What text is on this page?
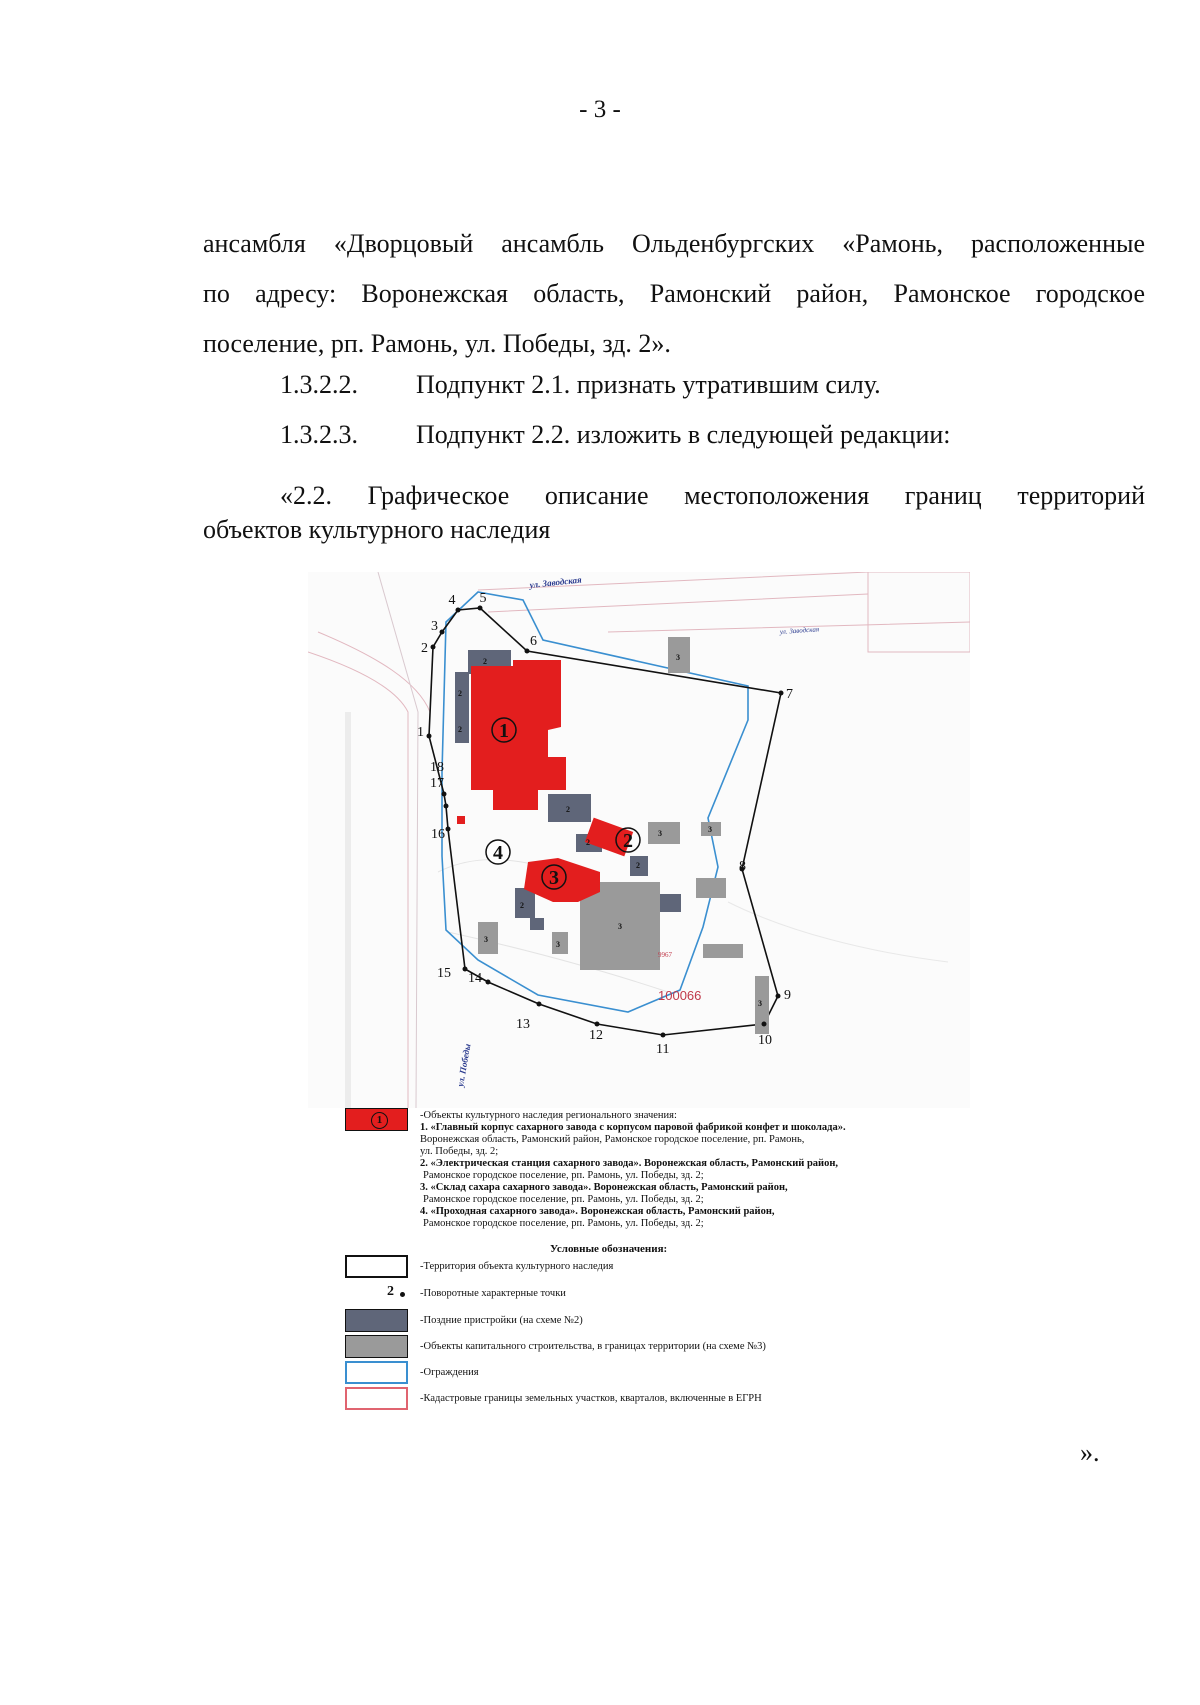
- 3 -
ансамбля «Дворцовый ансамбль Ольденбургских «Рамонь, расположенные
по адресу: Воронежская область, Рамонский район, Рамонское городское
поселение, рп. Рамонь, ул. Победы, зд. 2».
1.3.2.2. Подпункт 2.1. признать утратившим силу.
1.3.2.3. Подпункт 2.2. изложить в следующей редакции:
«2.2. Графическое описание местоположения границ территорий
объектов культурного наследия
2
2
2
2
2
2
2
3
3	3
3
3
3
3
1
2
3
4
1
2
3
4 5
6
7
8
9
10
11
12
13
14
15
16
17
18
ул. Заводская
ул. Заводская
ул. Победы
9967
100066
1	-Объекты культурного наследия регионального значения:
1. «Главный корпус сахарного завода с корпусом паровой фабрикой конфет и шоколада».
Воронежская область, Рамонский район, Рамонское городское поселение, рп. Рамонь,
ул. Победы, зд. 2;
2. «Электрическая станция сахарного завода». Воронежская область, Рамонский район,
Рамонское городское поселение, рп. Рамонь, ул. Победы, зд. 2;
3. «Склад сахара сахарного завода». Воронежская область, Рамонский район,
Рамонское городское поселение, рп. Рамонь, ул. Победы, зд. 2;
4. «Проходная сахарного завода». Воронежская область, Рамонский район,
Рамонское городское поселение, рп. Рамонь, ул. Победы, зд. 2;
Условные обозначения:
-Территория объекта культурного наследия
2 -Поворотные характерные точки
-Поздние пристройки (на схеме №2)
-Объекты капитального строительства, в границах территории (на схеме №3)
-Ограждения
-Кадастровые границы земельных участков, кварталов, включенные в ЕГРН
».
